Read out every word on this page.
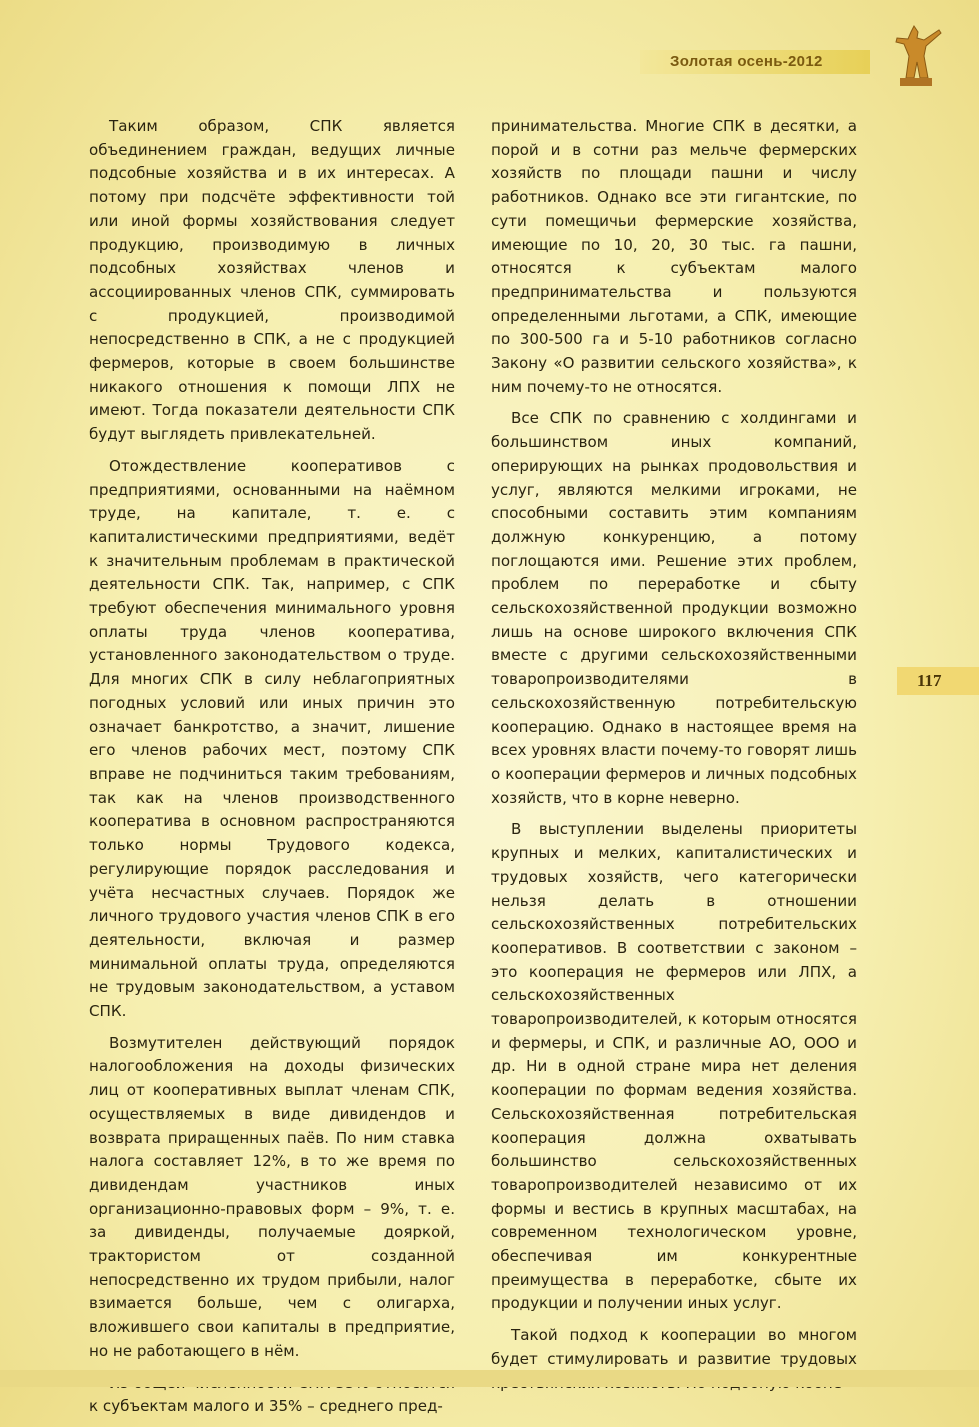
Золотая осень-2012
117

Таким образом, СПК является объединением граждан, ведущих личные подсобные хозяйства и в их интересах. А потому при подсчёте эффективности той или иной формы хозяйствования следует продукцию, производимую в личных подсобных хозяйствах членов и ассоциированных членов СПК, суммировать с продукцией, производимой непосредственно в СПК, а не с продукцией фермеров, которые в своем большинстве никакого отношения к помощи ЛПХ не имеют. Тогда показатели деятельности СПК будут выглядеть привлекательней.

Отождествление кооперативов с предприятиями, основанными на наёмном труде, на капитале, т. е. с капиталистическими предприятиями, ведёт к значительным проблемам в практической деятельности СПК. Так, например, с СПК требуют обеспечения минимального уровня оплаты труда членов кооператива, установленного законодательством о труде. Для многих СПК в силу неблагоприятных погодных условий или иных причин это означает банкротство, а значит, лишение его членов рабочих мест, поэтому СПК вправе не подчиниться таким требованиям, так как на членов производственного кооператива в основном распространяются только нормы Трудового кодекса, регулирующие порядок расследования и учёта несчастных случаев. Порядок же личного трудового участия членов СПК в его деятельности, включая и размер минимальной оплаты труда, определяются не трудовым законодательством, а уставом СПК.

Возмутителен действующий порядок налогообложения на доходы физических лиц от кооперативных выплат членам СПК, осуществляемых в виде дивидендов и возврата приращенных паёв. По ним ставка налога составляет 12%, в то же время по дивидендам участников иных организационно-правовых форм – 9%, т. е. за дивиденды, получаемые дояркой, трактористом от созданной непосредственно их трудом прибыли, налог взимается больше, чем с олигарха, вложившего свои капиталы в предприятие, но не работающего в нём.

к субъектам малого и 35% – среднего пред-

принимательства. Многие СПК в десятки, а порой и в сотни раз мельче фермерских хозяйств по площади пашни и числу работников. Однако все эти гигантские, по сути помещичьи фермерские хозяйства, имеющие по 10, 20, 30 тыс. га пашни, относятся к субъектам малого предпринимательства и пользуются определенными льготами, а СПК, имеющие по 300-500 га и 5-10 работников согласно Закону «О развитии сельского хозяйства», к ним почему-то не относятся.

Все СПК по сравнению с холдингами и большинством иных компаний, оперирующих на рынках продовольствия и услуг, являются мелкими игроками, не способными составить этим компаниям должную конкуренцию, а потому поглощаются ими. Решение этих проблем, проблем по переработке и сбыту сельскохозяйственной продукции возможно лишь на основе широкого включения СПК вместе с другими сельскохозяйственными товаропроизводителями в сельскохозяйственную потребительскую кооперацию. Однако в настоящее время на всех уровнях власти почему-то говорят лишь о кооперации фермеров и личных подсобных хозяйств, что в корне неверно.

В выступлении выделены приоритеты крупных и мелких, капиталистических и трудовых хозяйств, чего категорически нельзя делать в отношении сельскохозяйственных потребительских кооперативов. В соответствии с законом – это кооперация не фермеров или ЛПХ, а сельскохозяйственных товаропроизводителей, к которым относятся и фермеры, и СПК, и различные АО, ООО и др. Ни в одной стране мира нет деления кооперации по формам ведения хозяйства. Сельскохозяйственная потребительская кооперация должна охватывать большинство сельскохозяйственных товаропроизводителей независимо от их формы и вестись в крупных масштабах, на современном технологическом уровне, обеспечивая им конкурентные преимущества в переработке, сбыте их продукции и получении иных услуг.

Такой подход к кооперации во многом будет стимулировать и развитие трудовых
